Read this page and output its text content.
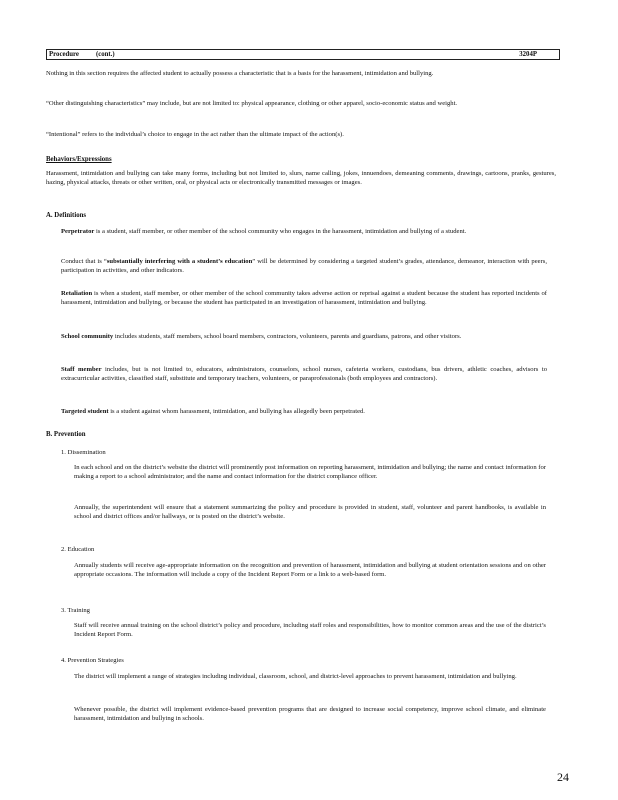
Procedure          (cont.)	3204P
Nothing in this section requires the affected student to actually possess a characteristic that is a basis for the harassment, intimidation and bullying.
“Other distinguishing characteristics” may include, but are not limited to: physical appearance, clothing or other apparel, socio-economic status and weight.
“Intentional” refers to the individual’s choice to engage in the act rather than the ultimate impact of the action(s).
Behaviors/Expressions
Harassment, intimidation and bullying can take many forms, including but not limited to, slurs, name calling, jokes, innuendoes, demeaning comments, drawings, cartoons, pranks, gestures, hazing, physical attacks, threats or other written, oral, or physical acts or electronically transmitted messages or images.
A. Definitions
Perpetrator is a student, staff member, or other member of the school community who engages in the harassment, intimidation and bullying of a student.
Conduct that is “substantially interfering with a student’s education” will be determined by considering a targeted student’s grades, attendance, demeanor, interaction with peers, participation in activities, and other indicators.
Retaliation is when a student, staff member, or other member of the school community takes adverse action or reprisal against a student because the student has reported incidents of harassment, intimidation and bullying, or because the student has participated in an investigation of harassment, intimidation and bullying.
School community includes students, staff members, school board members, contractors, volunteers, parents and guardians, patrons, and other visitors.
Staff member includes, but is not limited to, educators, administrators, counselors, school nurses, cafeteria workers, custodians, bus drivers, athletic coaches, advisors to extracurricular activities, classified staff, substitute and temporary teachers, volunteers, or paraprofessionals (both employees and contractors).
Targeted student is a student against whom harassment, intimidation, and bullying has allegedly been perpetrated.
B. Prevention
1. Dissemination
In each school and on the district’s website the district will prominently post information on reporting harassment, intimidation and bullying; the name and contact information for making a report to a school administrator; and the name and contact information for the district compliance officer.
Annually, the superintendent will ensure that a statement summarizing the policy and procedure is provided in student, staff, volunteer and parent handbooks, is available in school and district offices and/or hallways, or is posted on the district’s website.
2. Education
Annually students will receive age-appropriate information on the recognition and prevention of harassment, intimidation and bullying at student orientation sessions and on other appropriate occasions. The information will include a copy of the Incident Report Form or a link to a web-based form.
3. Training
Staff will receive annual training on the school district’s policy and procedure, including staff roles and responsibilities, how to monitor common areas and the use of the district’s Incident Report Form.
4. Prevention Strategies
The district will implement a range of strategies including individual, classroom, school, and district-level approaches to prevent harassment, intimidation and bullying.
Whenever possible, the district will implement evidence-based prevention programs that are designed to increase social competency, improve school climate, and eliminate harassment, intimidation and bullying in schools.
24
